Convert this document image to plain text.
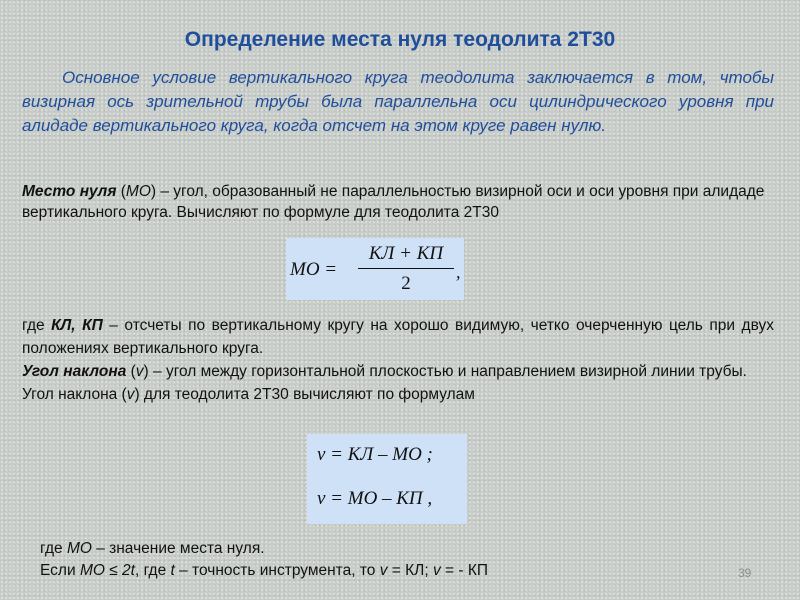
Определение места нуля теодолита 2Т30

Основное условие вертикального круга теодолита заключается в том, чтобы визирная ось зрительной трубы была параллельна оси цилиндрического уровня при алидаде вертикального круга, когда отсчет на этом круге равен нулю.

Место нуля (МО) – угол, образованный не параллельностью визирной оси и оси уровня при алидаде вертикального круга. Вычисляют по формуле для теодолита 2Т30

МО =
КЛ + КП
2
,

где КЛ, КП – отсчеты по вертикальному кругу на хорошо видимую, четко очерченную цель при двух положениях вертикального круга.

Угол наклона (v) – угол между горизонтальной плоскостью и направлением визирной линии трубы.

Угол наклона (v) для теодолита 2Т30 вычисляют по формулам

v = КЛ – МО ;
v = МО – КП ,

где МО – значение места нуля.

Если МО ≤ 2t, где t – точность инструмента, то v = КЛ; v = - КП	39
